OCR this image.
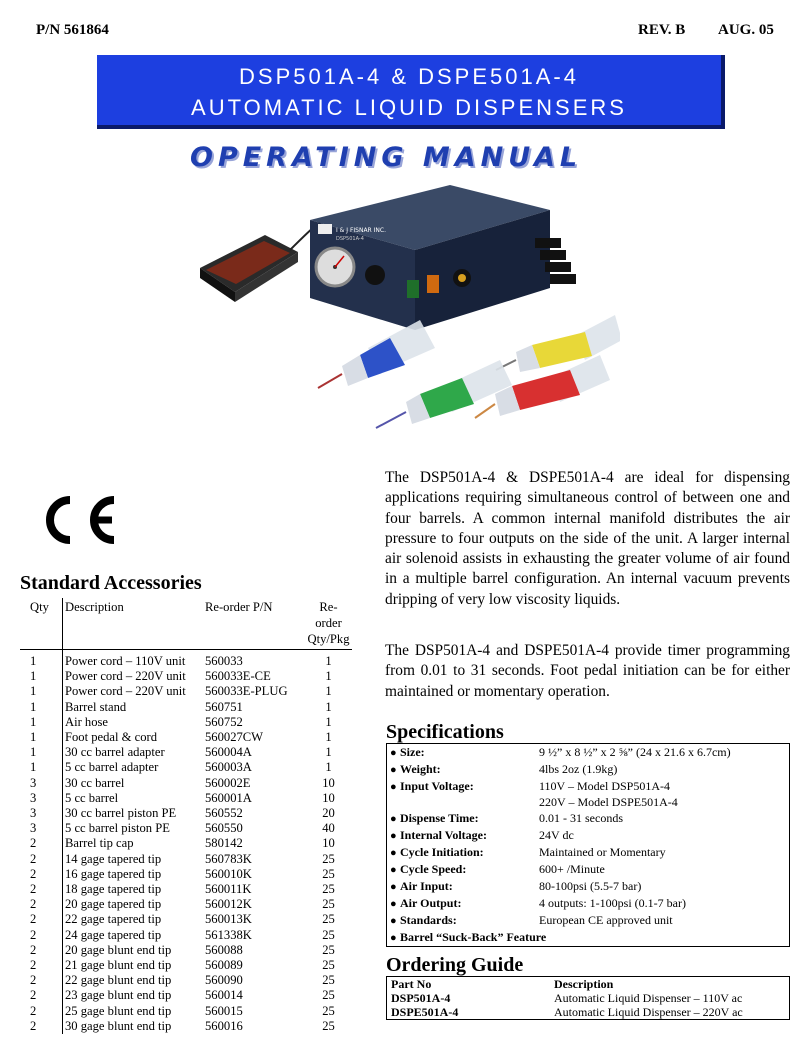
P/N 561864	REV. B AUG. 05
DSP501A-4 & DSPE501A-4
AUTOMATIC LIQUID DISPENSERS
OPERATING MANUAL
I & J FISNAR INC.
DSP501A-4
CE
The DSP501A-4 & DSPE501A-4 are ideal for dispensing applications requiring simultaneous control of between one and four barrels. A common internal manifold distributes the air pressure to four outputs on the side of the unit. A larger internal air solenoid assists in exhausting the greater volume of air found in a multiple barrel configuration. An internal vacuum prevents dripping of very low viscosity liquids.
The DSP501A-4 and DSPE501A-4 provide timer programming from 0.01 to 31 seconds. Foot pedal initiation can be for either maintained or momentary operation.
Standard Accessories
Qty	Description	Re-order P/N	Re-order
Qty/Pkg

1	Power cord – 110V unit	560033	1
1	Power cord – 220V unit	560033E-CE	1
1	Power cord – 220V unit	560033E-PLUG	1
1	Barrel stand	560751	1
1	Air hose	560752	1
1	Foot pedal & cord	560027CW	1
1	30 cc barrel adapter	560004A	1
1	5 cc barrel adapter	560003A	1
3	30 cc barrel	560002E	10
3	5 cc barrel	560001A	10
3	30 cc barrel piston PE	560552	20
3	5 cc barrel piston PE	560550	40
2	Barrel tip cap	580142	10
2	14 gage tapered tip	560783K	25
2	16 gage tapered tip	560010K	25
2	18 gage tapered tip	560011K	25
2	20 gage tapered tip	560012K	25
2	22 gage tapered tip	560013K	25
2	24 gage tapered tip	561338K	25
2	20 gage blunt end tip	560088	25
2	21 gage blunt end tip	560089	25
2	22 gage blunt end tip	560090	25
2	23 gage blunt end tip	560014	25
2	25 gage blunt end tip	560015	25
2	30 gage blunt end tip	560016	25
Specifications
● Size:	9 ½” x 8 ½” x 2 ⅝” (24 x 21.6 x 6.7cm)

● Weight:	4lbs 2oz (1.9kg)

● Input Voltage:	110V – Model DSP501A-4
220V – Model DSPE501A-4

● Dispense Time:	0.01 - 31 seconds

● Internal Voltage:	24V dc

● Cycle Initiation:	Maintained or Momentary

● Cycle Speed:	600+ /Minute

● Air Input:	80-100psi (5.5-7 bar)

● Air Output:	4 outputs: 1-100psi (0.1-7 bar)

● Standards:	European CE approved unit

● Barrel “Suck-Back” Feature	
Ordering Guide
Part No	Description
DSP501A-4	Automatic Liquid Dispenser – 110V ac
DSPE501A-4	Automatic Liquid Dispenser – 220V ac
